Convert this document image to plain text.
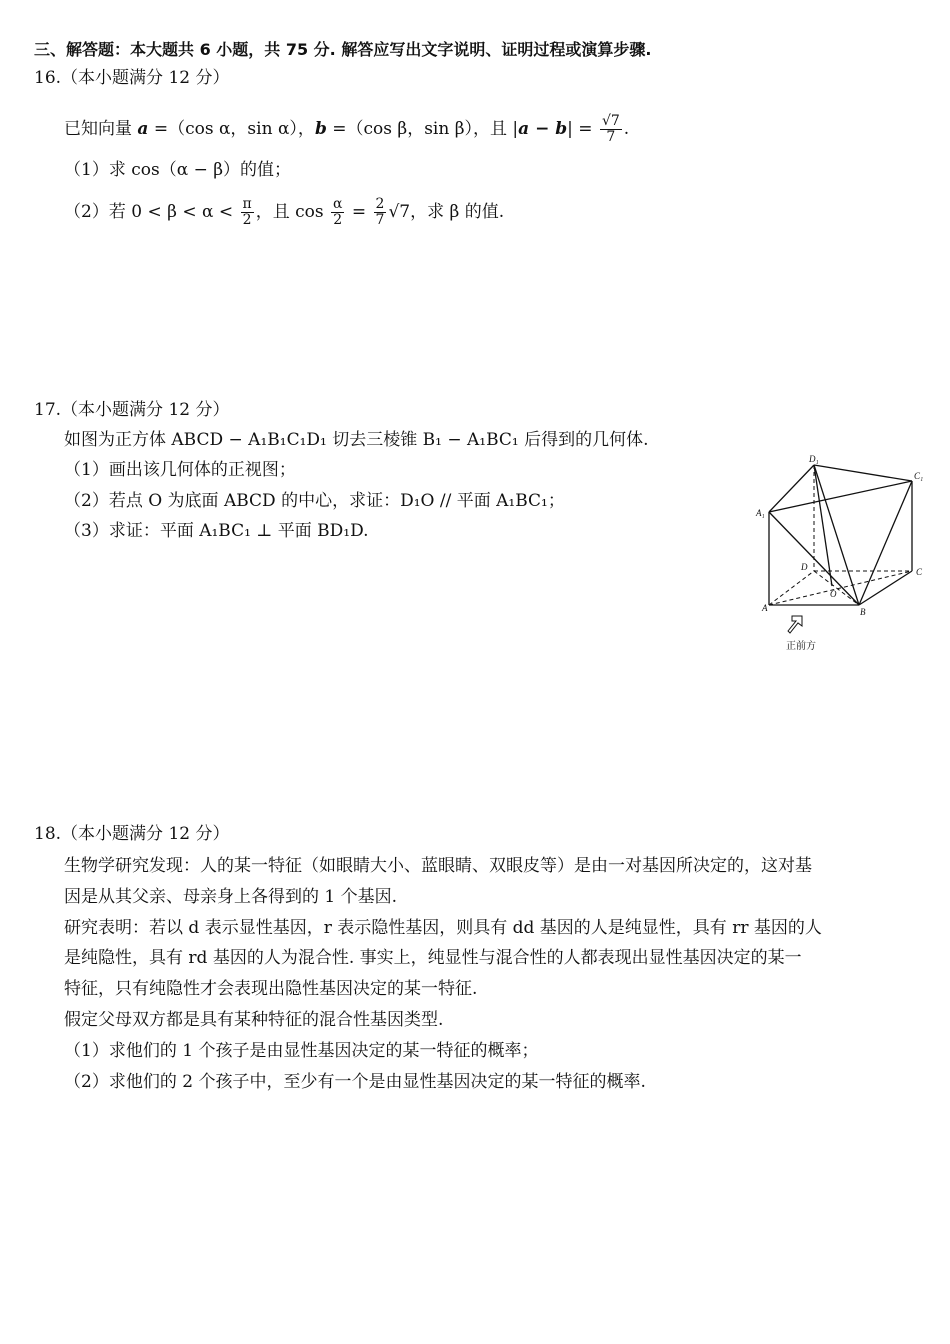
三、解答题：本大题共 6 小题，共 75 分. 解答应写出文字说明、证明过程或演算步骤.
16.（本小题满分 12 分）
已知向量 a =（cos α，sin α），b =（cos β，sin β），且 $|a - b| = \frac{√7}{7}$ .
（1）求 cos（α − β）的值；
（2）若 $0 < \beta < \alpha < \frac{\pi}{2}$ ，且 $\cos \frac{\alpha}{2} = \frac{2}{7} √7$，求 β 的值.
17.（本小题满分 12 分）
如图为正方体 ABCD − A₁B₁C₁D₁ 切去三棱锥 B₁ − A₁BC₁ 后得到的几何体.
（1）画出该几何体的正视图；
（2）若点 O 为底面 ABCD 的中心，求证：D₁O // 平面 A₁BC₁；
（3）求证：平面 A₁BC₁ ⊥ 平面 BD₁D.
D₁
C₁
A₁
D	C
O
A	B
正前方
18.（本小题满分 12 分）
生物学研究发现：人的某一特征（如眼睛大小、蓝眼睛、双眼皮等）是由一对基因所决定的，这对基
因是从其父亲、母亲身上各得到的 1 个基因.
研究表明：若以 d 表示显性基因，r 表示隐性基因，则具有 dd 基因的人是纯显性，具有 rr 基因的人
是纯隐性，具有 rd 基因的人为混合性. 事实上，纯显性与混合性的人都表现出显性基因决定的某一
特征，只有纯隐性才会表现出隐性基因决定的某一特征.
假定父母双方都是具有某种特征的混合性基因类型.
（1）求他们的 1 个孩子是由显性基因决定的某一特征的概率；
（2）求他们的 2 个孩子中，至少有一个是由显性基因决定的某一特征的概率.
